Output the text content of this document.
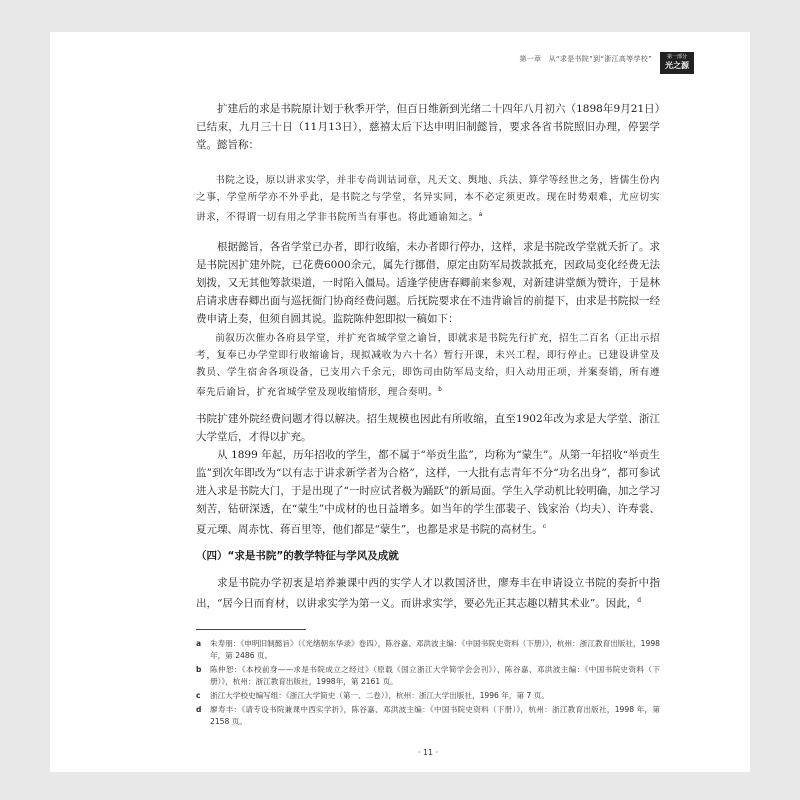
第一章　从“求是书院”到“浙江高等学校”	第一部分
光之源
扩建后的求是书院原计划于秋季开学，但百日维新到光绪二十四年八月初六（1898年9月21日）已结束，九月三十日（11月13日），慈禧太后下达申明旧制懿旨，要求各省书院照旧办理，停罢学堂。懿旨称：
书院之设，原以讲求实学，并非专尚训诂词章，凡天文、舆地、兵法、算学等经世之务，皆儒生份内之事，学堂所学亦不外乎此，是书院之与学堂，名异实同，本不必定须更改。现在时势艰难，尤应切实讲求，不得谓一切有用之学非书院所当有事也。将此通谕知之。$^a$
根据懿旨，各省学堂已办者，即行收缩，未办者即行停办，这样，求是书院改学堂就夭折了。求是书院因扩建外院，已花费6000余元，属先行挪借，原定由防军局拨款抵充，因政局变化经费无法划拨，又无其他筹款渠道，一时陷入僵局。适逢学使唐春卿前来参观，对新建讲堂颇为赞许，于是林启请求唐春卿出面与巡抚衙门协商经费问题。后抚院要求在不违背谕旨的前提下，由求是书院拟一经费申请上奏，但须自圆其说。监院陈仲恕即拟一稿如下：
前叙历次催办各府县学堂，并扩充省城学堂之谕旨，即就求是书院先行扩充，招生二百名（正出示招考，复奉已办学堂即行收缩谕旨，现拟减收为六十名）暂行开课，未兴工程，即行停止。已建设讲堂及教员、学生宿舍各项设备，已支用六千余元，即饬司由防军局支给，归入动用正项，并案奏销，所有遵奉先后谕旨，扩充省城学堂及现收缩情形，理合奏明。$^b$
书院扩建外院经费问题才得以解决。招生规模也因此有所收缩，直至1902年改为求是大学堂、浙江大学堂后，才得以扩充。
从 1899 年起，历年招收的学生，都不属于“举贡生监”，均称为“蒙生”。从第一年招收“举贡生监”到次年即改为“以有志于讲求新学者为合格”，这样，一大批有志青年不分“功名出身”，都可参试进入求是书院大门，于是出现了“一时应试者极为踊跃”的新局面。学生入学动机比较明确，加之学习刻苦，钻研深透，在“蒙生”中成材的也日益增多。如当年的学生邵裴子、钱家治（均夫）、许寿裳、夏元瑮、周赤忱、蒋百里等，他们都是“蒙生”，也都是求是书院的高材生。$^c$
（四）“求是书院”的教学特征与学风及成就
求是书院办学初衷是培养兼课中西的实学人才以救国济世，廖寿丰在申请设立书院的奏折中指出，“居今日而育材，以讲求实学为第一义。而讲求实学，要必先正其志趣以精其术业”。因此，$^d$
a	朱寿朋：《申明旧制懿旨》（《光绪朝东华录》卷四），陈谷嘉、邓洪波主编：《中国书院史资料（下册）》，杭州：浙江教育出版社，1998年，第 2486 页。
b	陈仲恕：《本校前身——求是书院成立之经过》（原载《国立浙江大学简学会会刊》），陈谷嘉、邓洪波主编：《中国书院史资料（下册）》，杭州：浙江教育出版社，1998年，第 2161 页。
c	浙江大学校史编写组：《浙江大学简史（第一、二卷）》，杭州：浙江大学出版社，1996 年，第 7 页。
d	廖寿丰：《请专设书院兼课中西实学折》，陈谷嘉、邓洪波主编：《中国书院史资料（下册）》，杭州：浙江教育出版社，1998 年，第 2158 页。
· 11 ·
